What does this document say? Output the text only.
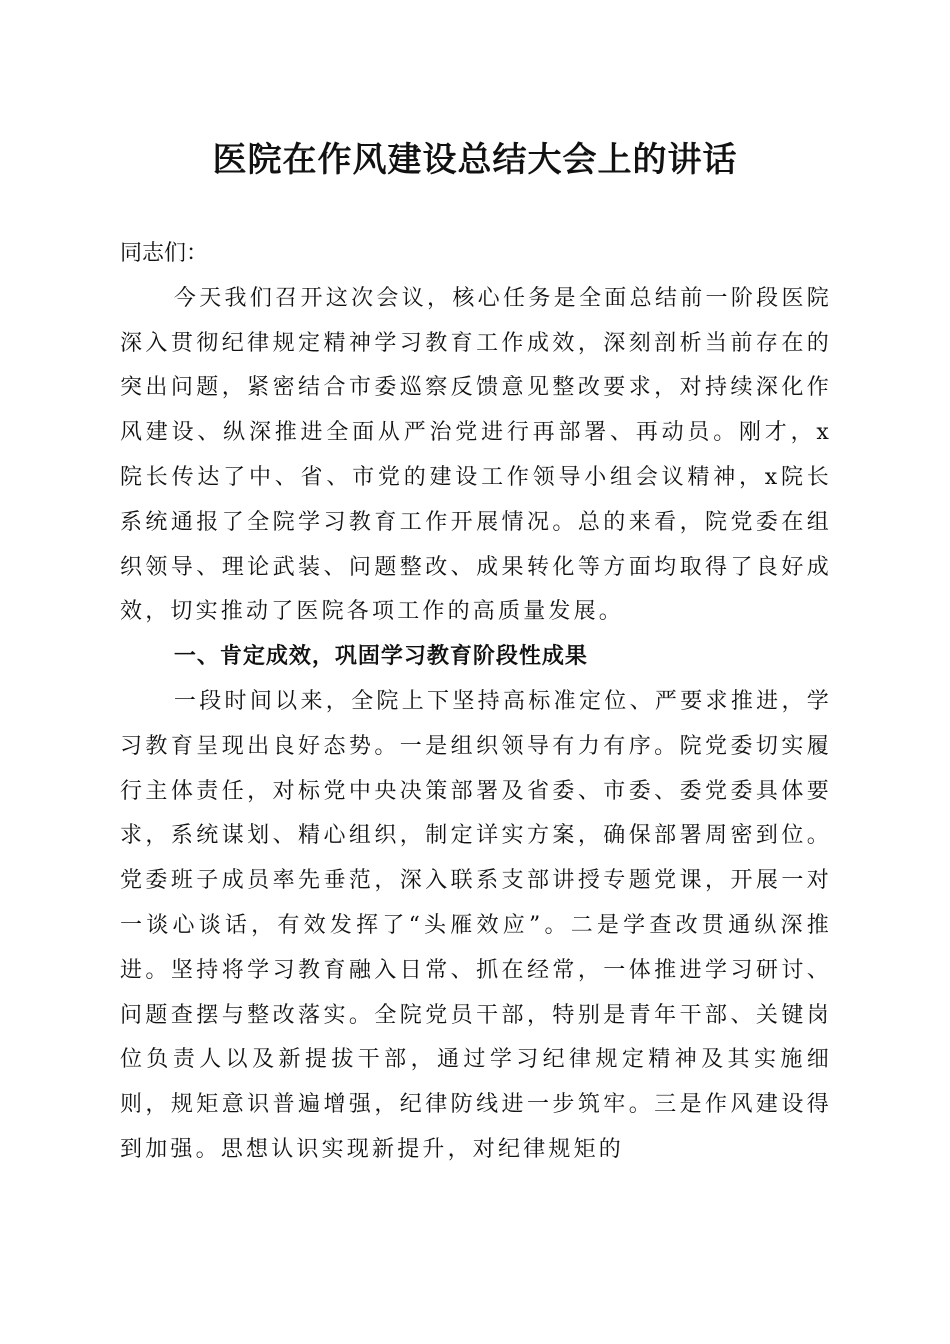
医院在作风建设总结大会上的讲话

同志们：

今天我们召开这次会议，核心任务是全面总结前一阶段医院深入贯彻纪律规定精神学习教育工作成效，深刻剖析当前存在的突出问题，紧密结合市委巡察反馈意见整改要求，对持续深化作风建设、纵深推进全面从严治党进行再部署、再动员。刚才，x院长传达了中、省、市党的建设工作领导小组会议精神，x院长系统通报了全院学习教育工作开展情况。总的来看，院党委在组织领导、理论武装、问题整改、成果转化等方面均取得了良好成效，切实推动了医院各项工作的高质量发展。

一、肯定成效，巩固学习教育阶段性成果

一段时间以来，全院上下坚持高标准定位、严要求推进，学习教育呈现出良好态势。一是组织领导有力有序。院党委切实履行主体责任，对标党中央决策部署及省委、市委、委党委具体要求，系统谋划、精心组织，制定详实方案，确保部署周密到位。党委班子成员率先垂范，深入联系支部讲授专题党课，开展一对一谈心谈话，有效发挥了“头雁效应”。二是学查改贯通纵深推进。坚持将学习教育融入日常、抓在经常，一体推进学习研讨、问题查摆与整改落实。全院党员干部，特别是青年干部、关键岗位负责人以及新提拔干部，通过学习纪律规定精神及其实施细则，规矩意识普遍增强，纪律防线进一步筑牢。三是作风建设得到加强。思想认识实现新提升，对纪律规矩的
